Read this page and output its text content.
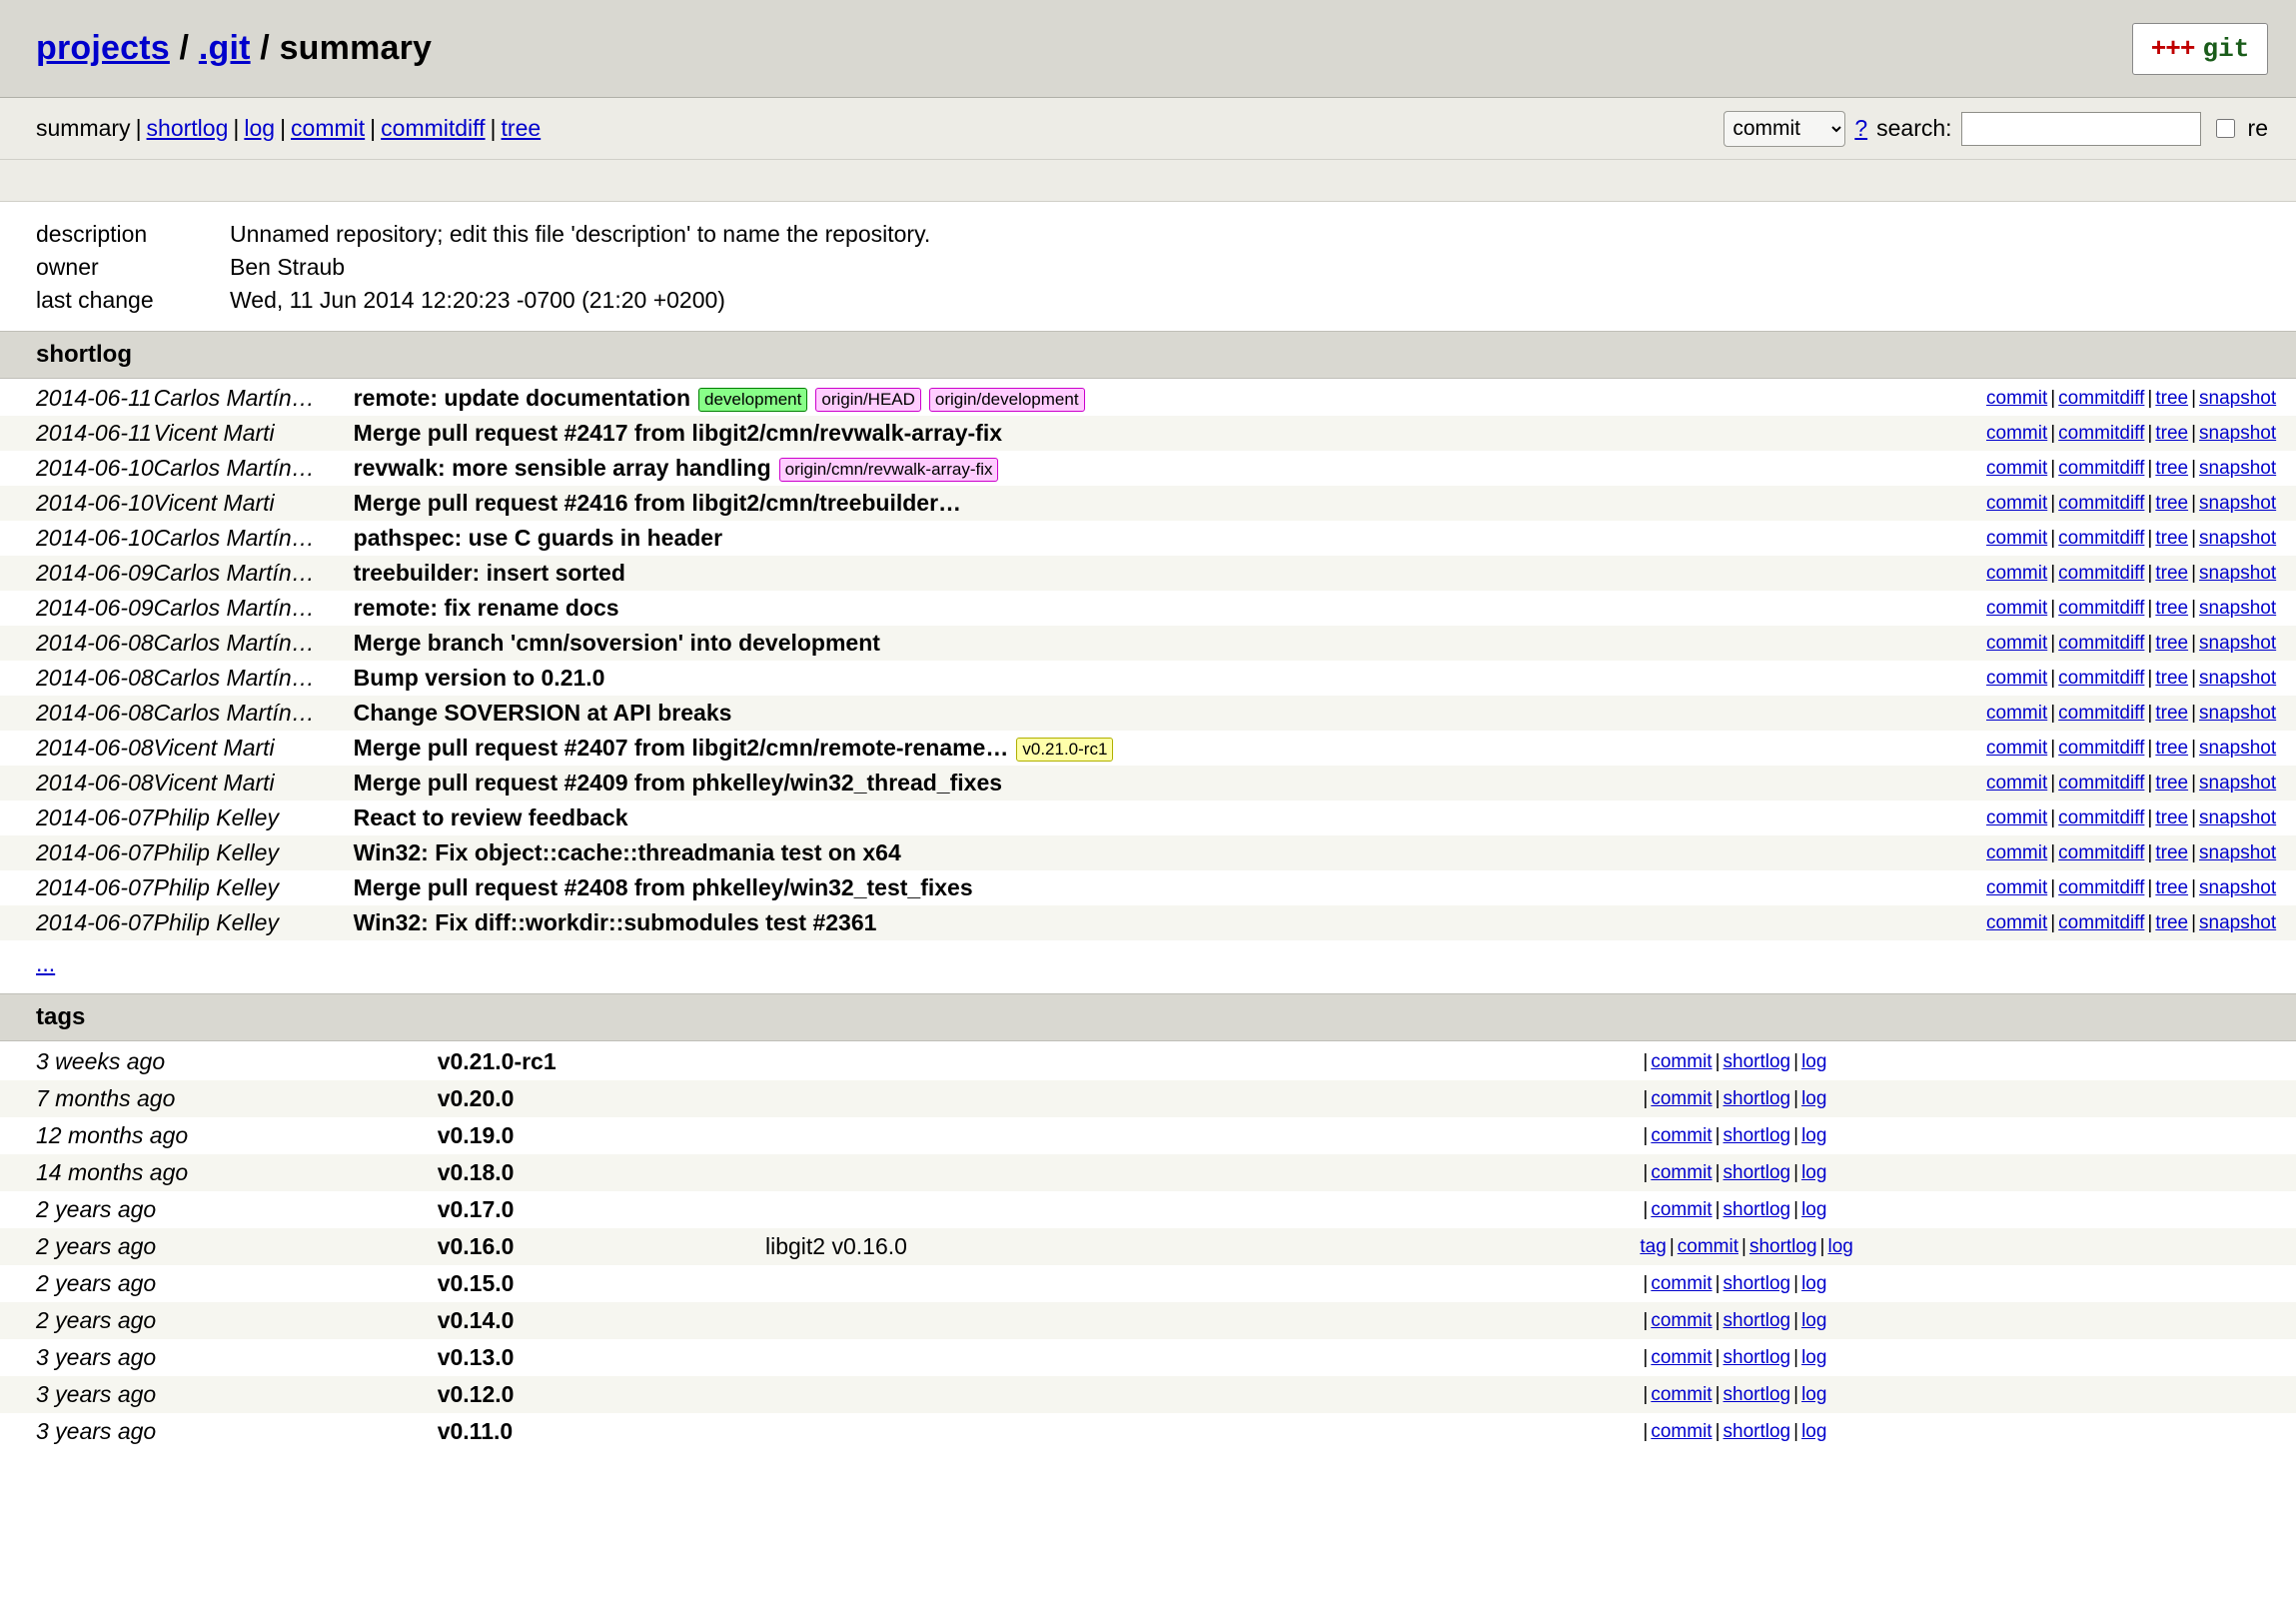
projects / .git / summary	+++ git
summary | shortlog | log | commit | commitdiff | tree
commit	? search:	re
description	Unnamed repository; edit this file 'description' to name the repository.
owner	Ben Straub
last change	Wed, 11 Jun 2014 12:20:23 -0700 (21:20 +0200)
shortlog
2014-06-11	Carlos Martín…	remote: update documentation development origin/HEAD origin/development	commit | commitdiff | tree | snapshot
2014-06-11	Vicent Marti	Merge pull request #2417 from libgit2/cmn/revwalk-array-fix	commit | commitdiff | tree | snapshot
2014-06-10	Carlos Martín…	revwalk: more sensible array handling origin/cmn/revwalk-array-fix	commit | commitdiff | tree | snapshot
2014-06-10	Vicent Marti	Merge pull request #2416 from libgit2/cmn/treebuilder…	commit | commitdiff | tree | snapshot
2014-06-10	Carlos Martín…	pathspec: use C guards in header	commit | commitdiff | tree | snapshot
2014-06-09	Carlos Martín…	treebuilder: insert sorted	commit | commitdiff | tree | snapshot
2014-06-09	Carlos Martín…	remote: fix rename docs	commit | commitdiff | tree | snapshot
2014-06-08	Carlos Martín…	Merge branch 'cmn/soversion' into development	commit | commitdiff | tree | snapshot
2014-06-08	Carlos Martín…	Bump version to 0.21.0	commit | commitdiff | tree | snapshot
2014-06-08	Carlos Martín…	Change SOVERSION at API breaks	commit | commitdiff | tree | snapshot
2014-06-08	Vicent Marti	Merge pull request #2407 from libgit2/cmn/remote-rename… v0.21.0-rc1	commit | commitdiff | tree | snapshot
2014-06-08	Vicent Marti	Merge pull request #2409 from phkelley/win32_thread_fixes	commit | commitdiff | tree | snapshot
2014-06-07	Philip Kelley	React to review feedback	commit | commitdiff | tree | snapshot
2014-06-07	Philip Kelley	Win32: Fix object::cache::threadmania test on x64	commit | commitdiff | tree | snapshot
2014-06-07	Philip Kelley	Merge pull request #2408 from phkelley/win32_test_fixes	commit | commitdiff | tree | snapshot
2014-06-07	Philip Kelley	Win32: Fix diff::workdir::submodules test #2361	commit | commitdiff | tree | snapshot
...
tags
3 weeks ago	v0.21.0-rc1		| commit | shortlog | log
7 months ago	v0.20.0		| commit | shortlog | log
12 months ago	v0.19.0		| commit | shortlog | log
14 months ago	v0.18.0		| commit | shortlog | log
2 years ago	v0.17.0		| commit | shortlog | log
2 years ago	v0.16.0	libgit2 v0.16.0	tag | commit | shortlog | log
2 years ago	v0.15.0		| commit | shortlog | log
2 years ago	v0.14.0		| commit | shortlog | log
3 years ago	v0.13.0		| commit | shortlog | log
3 years ago	v0.12.0		| commit | shortlog | log
3 years ago	v0.11.0		| commit | shortlog | log
